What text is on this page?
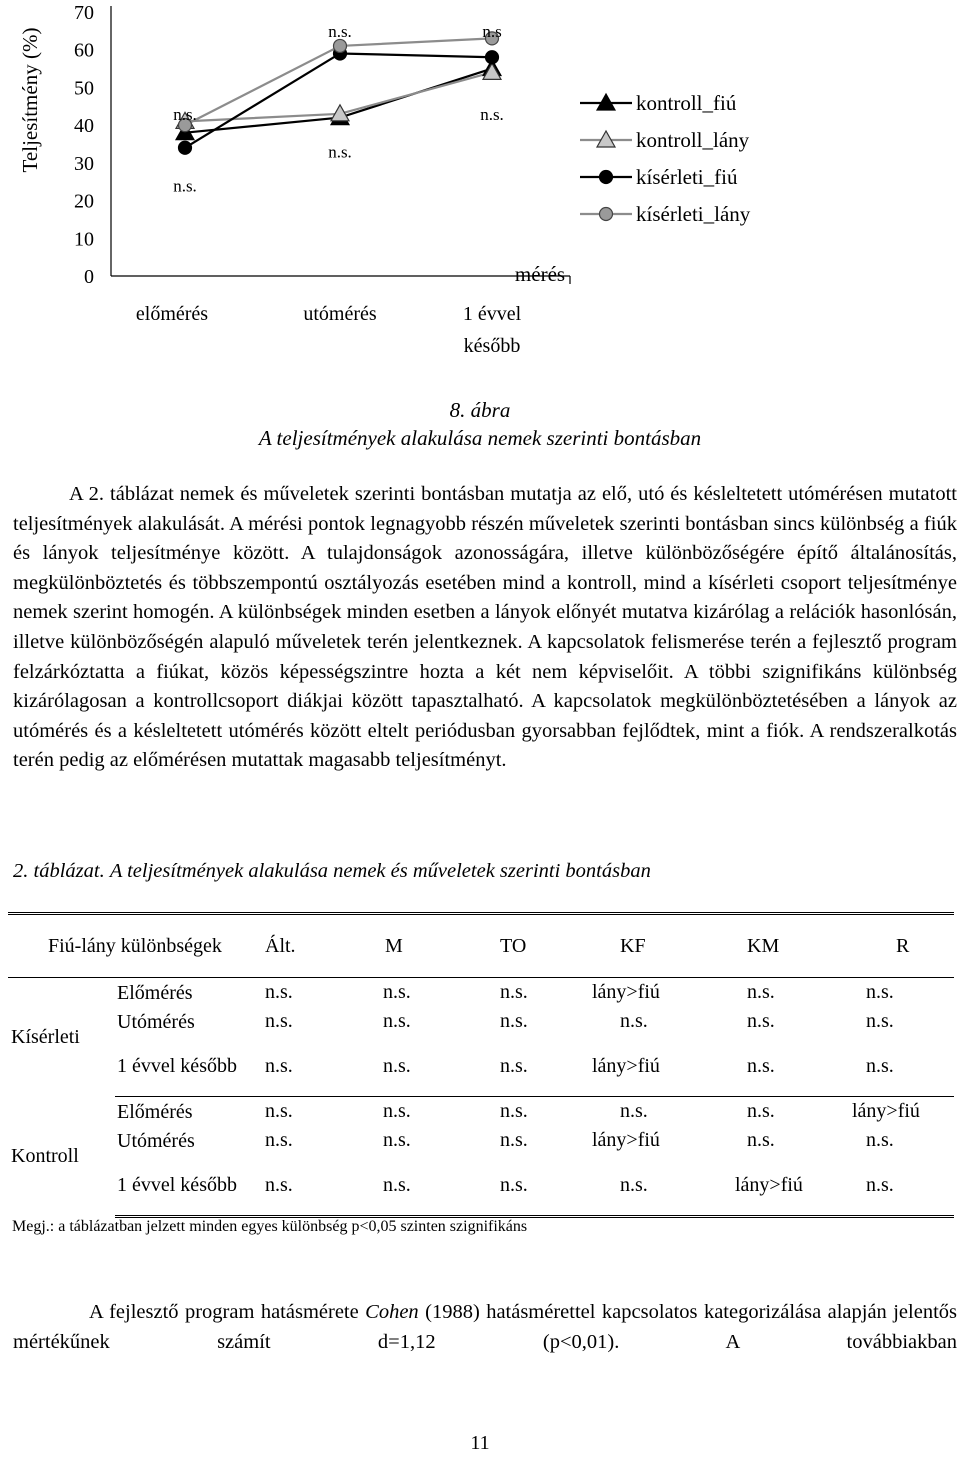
Teljesítmény (%)
0
10
20
30
40
50
60
70
előmérés	utómérés	1 évvel
később
mérés
n.s.
n.s.
n.s.
n.s.
n.s
n.s.	kontroll_fiú
kontroll_lány
kísérleti_fiú
kísérleti_lány
8. ábra
A teljesítmények alakulása nemek szerinti bontásban
A 2. táblázat nemek és műveletek szerinti bontásban mutatja az elő, utó és késleltetett utómérésen mutatott teljesítmények alakulását. A mérési pontok legnagyobb részén műveletek szerinti bontásban sincs különbség a fiúk és lányok teljesítménye között. A tulajdonságok azonosságára, illetve különbözőségére építő általánosítás, megkülönböztetés és többszempontú osztályozás esetében mind a kontroll, mind a kísérleti csoport teljesítménye nemek szerint homogén. A különbségek minden esetben a lányok előnyét mutatva kizárólag a relációk hasonlósán, illetve különbözőségén alapuló műveletek terén jelentkeznek. A kapcsolatok felismerése terén a fejlesztő program felzárkóztatta a fiúkat, közös képességszintre hozta a két nem képviselőit. A többi szignifikáns különbség kizárólagosan a kontrollcsoport diákjai között tapasztalható. A kapcsolatok megkülönböztetésében a lányok az utómérés és a késleltetett utómérés között eltelt periódusban gyorsabban fejlődtek, mint a fiók. A rendszeralkotás terén pedig az előmérésen mutattak magasabb teljesítményt.
2. táblázat. A teljesítmények alakulása nemek és műveletek szerinti bontásban
Fiú-lány különbségek		Ált.	M	TO	KF	KM	R
Kísérleti	Előmérés	n.s.	n.s.	n.s.	lány>fiú	n.s.	n.s.
	Utómérés	n.s.	n.s.	n.s.	n.s.	n.s.	n.s.
	1 évvel később	n.s.	n.s.	n.s.	lány>fiú	n.s.	n.s.
Kontroll	Előmérés	n.s.	n.s.	n.s.	n.s.	n.s.	lány>fiú
	Utómérés	n.s.	n.s.	n.s.	lány>fiú	n.s.	n.s.
	1 évvel később	n.s.	n.s.	n.s.	n.s.	lány>fiú	n.s.
Megj.: a táblázatban jelzett minden egyes különbség p<0,05 szinten szignifikáns
A fejlesztő program hatásmérete Cohen (1988) hatásmérettel kapcsolatos kategorizálása alapján jelentős mértékűnek számít d=1,12 (p<0,01). A továbbiakban
11
